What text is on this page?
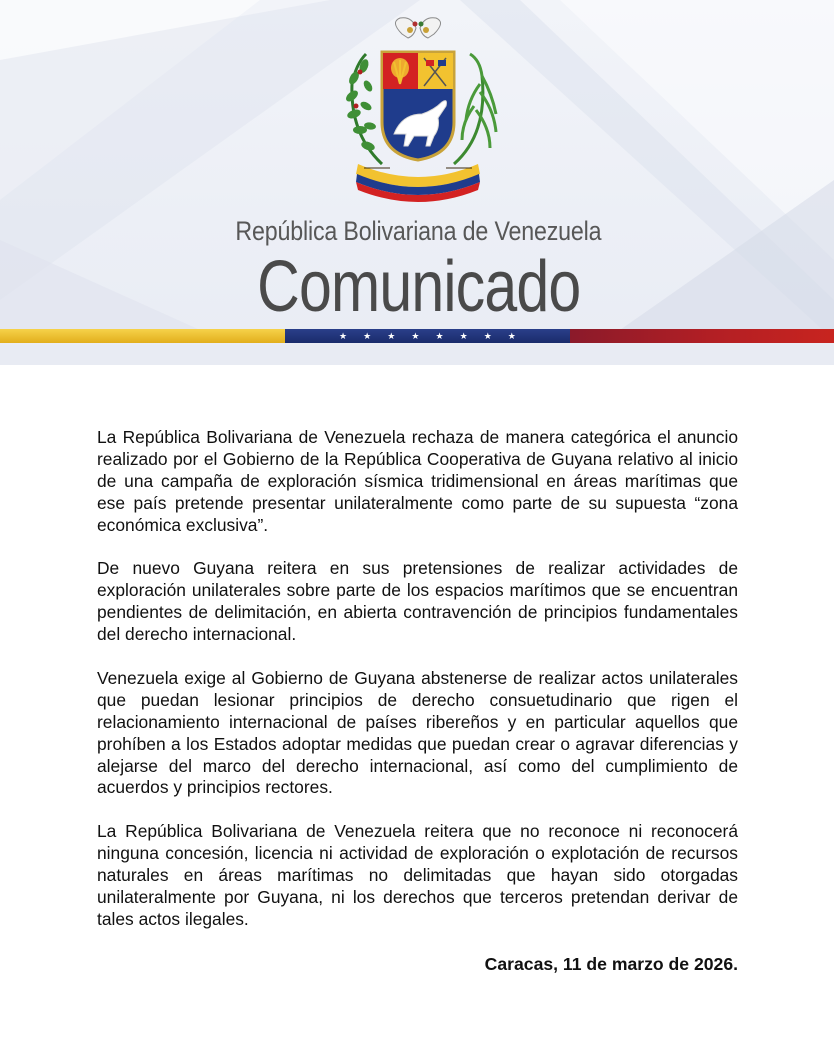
República Bolivariana de Venezuela
Comunicado
★ ★ ★ ★ ★ ★ ★ ★

La República Bolivariana de Venezuela rechaza de manera categórica el anuncio realizado por el Gobierno de la República Cooperativa de Guyana relativo al inicio de una campaña de exploración sísmica tridimensional en áreas marítimas que ese país pretende presentar unilateralmente como parte de su supuesta “zona económica exclusiva”.

De nuevo Guyana reitera en sus pretensiones de realizar actividades de exploración unilaterales sobre parte de los espacios marítimos que se encuentran pendientes de delimitación, en abierta contravención de principios fundamentales del derecho internacional.

Venezuela exige al Gobierno de Guyana abstenerse de realizar actos unilaterales que puedan lesionar principios de derecho consuetudinario que rigen el relacionamiento internacional de países ribereños y en particular aquellos que prohíben a los Estados adoptar medidas que puedan crear o agravar diferencias y alejarse del marco del derecho internacional, así como del cumplimiento de acuerdos y principios rectores.

La República Bolivariana de Venezuela reitera que no reconoce ni reconocerá ninguna concesión, licencia ni actividad de exploración o explotación de recursos naturales en áreas marítimas no delimitadas que hayan sido otorgadas unilateralmente por Guyana, ni los derechos que terceros pretendan derivar de tales actos ilegales.

Caracas, 11 de marzo de 2026.
